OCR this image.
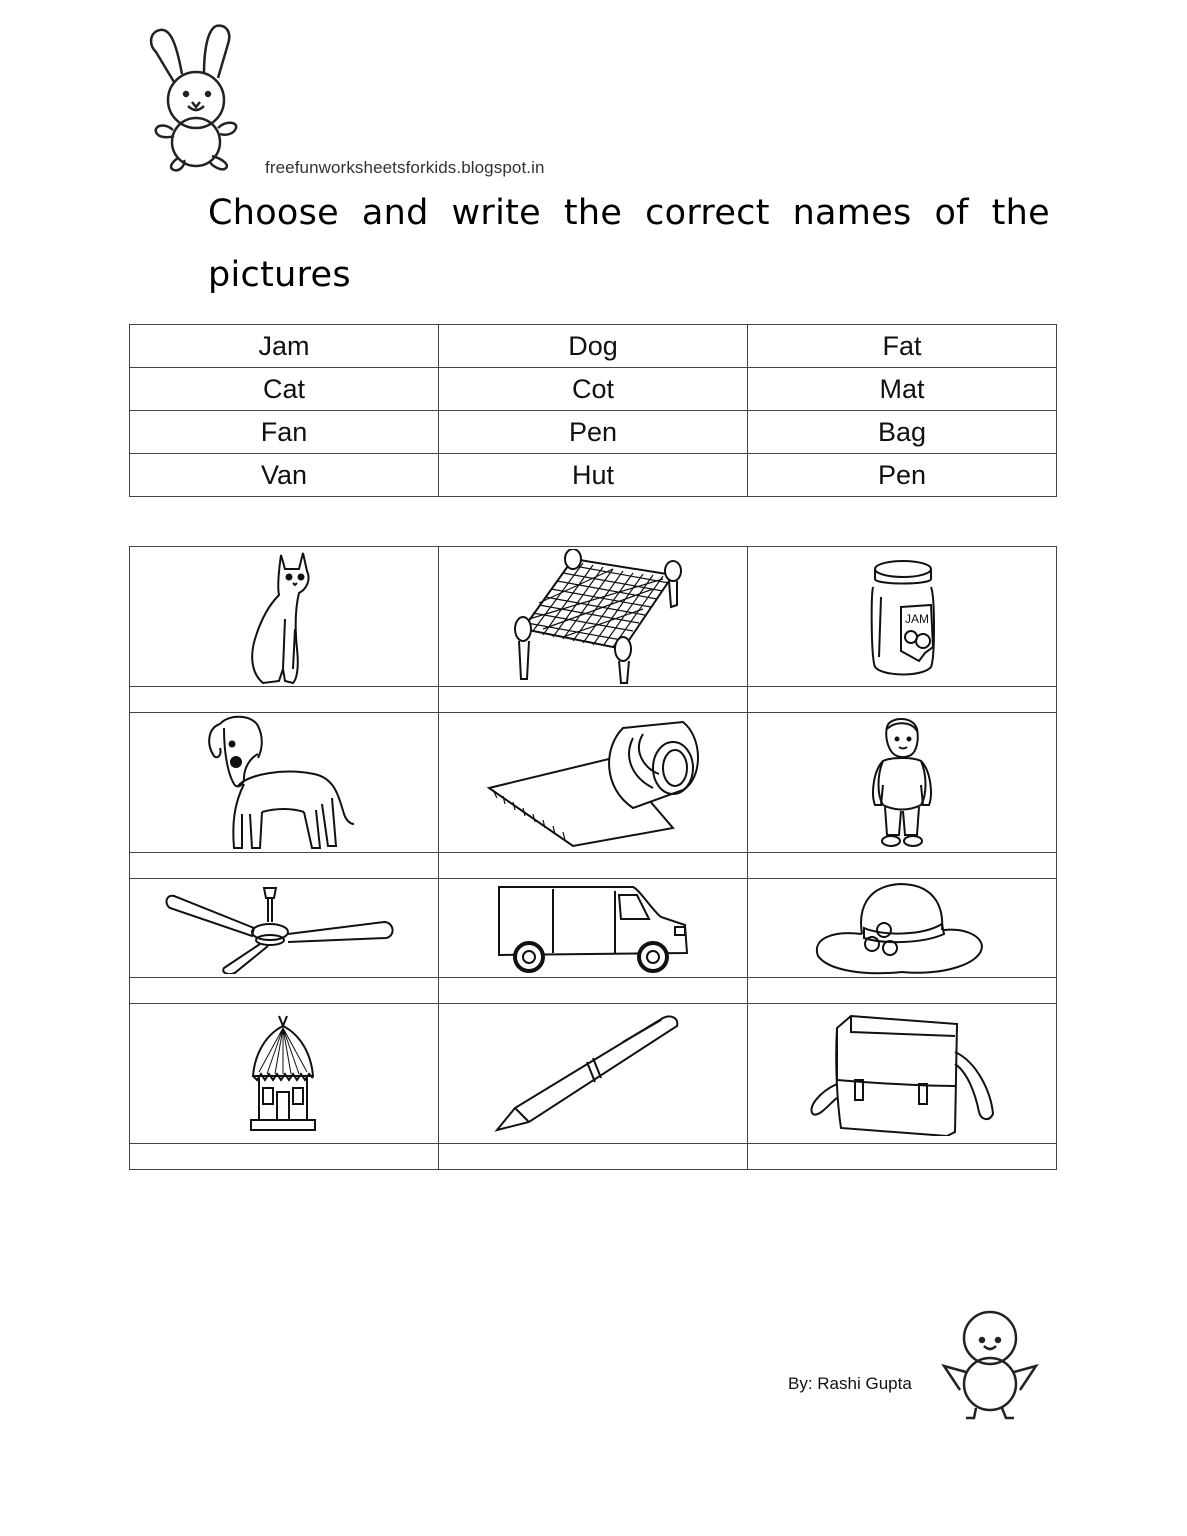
freefunworksheetsforkids.blogspot.in
Choose and write the correct names of the
pictures
Jam	Dog	Fat
Cat	Cot	Mat
Fan	Pen	Bag
Van	Hut	Pen

JAM

By: Rashi Gupta
